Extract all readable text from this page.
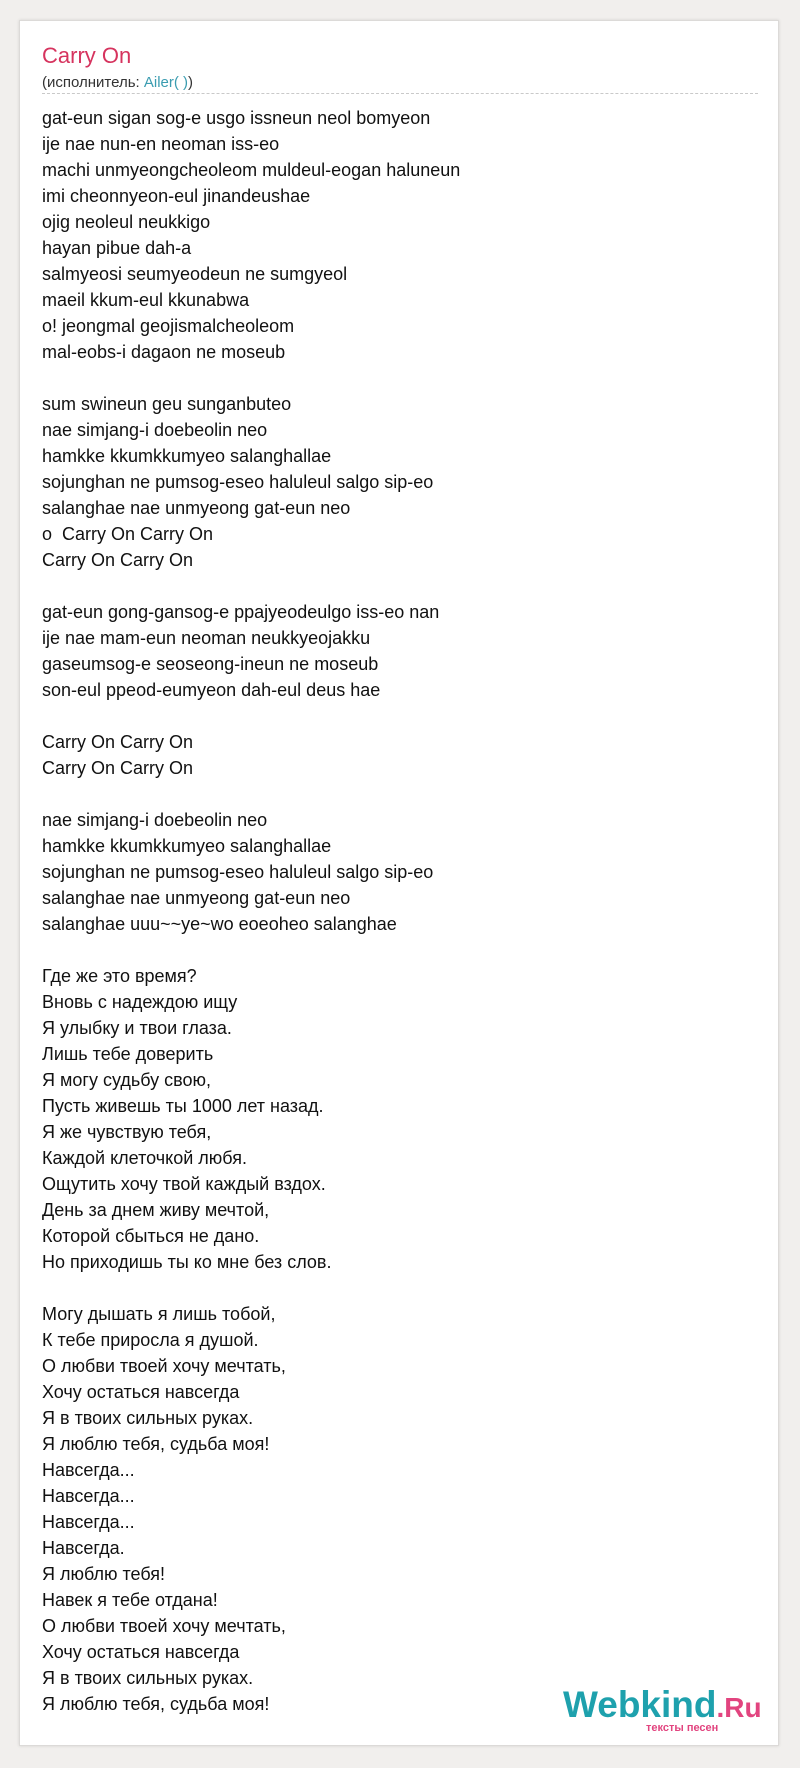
Carry On
(исполнитель: Ailer( ))
gat-eun sigan sog-e usgo issneun neol bomyeon
ije nae nun-en neoman iss-eo
machi unmyeongcheoleom muldeul-eogan haluneun
imi cheonnyeon-eul jinandeushae
ojig neoleul neukkigo
hayan pibue dah-a
salmyeosi seumyeodeun ne sumgyeol
maeil kkum-eul kkunabwa
o! jeongmal geojismalcheoleom
mal-eobs-i dagaon ne moseub
sum swineun geu sunganbuteo
nae simjang-i doebeolin neo
hamkke kkumkkumyeo salanghallae
sojunghan ne pumsog-eseo haluleul salgo sip-eo
salanghae nae unmyeong gat-eun neo
o  Carry On Carry On
Carry On Carry On
gat-eun gong-gansog-e ppajyeodeulgo iss-eo nan
ije nae mam-eun neoman neukkyeojakku
gaseumsog-e seoseong-ineun ne moseub
son-eul ppeod-eumyeon dah-eul deus hae
Carry On Carry On
Carry On Carry On
nae simjang-i doebeolin neo
hamkke kkumkkumyeo salanghallae
sojunghan ne pumsog-eseo haluleul salgo sip-eo
salanghae nae unmyeong gat-eun neo
salanghae uuu~~ye~wo eoeoheo salanghae
Где же это время?
Вновь с надеждою ищу
Я улыбку и твои глаза.
Лишь тебе доверить
Я могу судьбу свою,
Пусть живешь ты 1000 лет назад.
Я же чувствую тебя,
Каждой клеточкой любя.
Ощутить хочу твой каждый вздох.
День за днем живу мечтой,
Которой сбыться не дано.
Но приходишь ты ко мне без слов.
Могу дышать я лишь тобой,
К тебе приросла я душой.
О любви твоей хочу мечтать,
Хочу остаться навсегда
Я в твоих сильных руках.
Я люблю тебя, судьба моя!
Навсегда...
Навсегда...
Навсегда...
Навсегда.
Я люблю тебя!
Навек я тебе отдана!
О любви твоей хочу мечтать,
Хочу остаться навсегда
Я в твоих сильных руках.
Я люблю тебя, судьба моя!	Webkind.Ru
тексты песен
